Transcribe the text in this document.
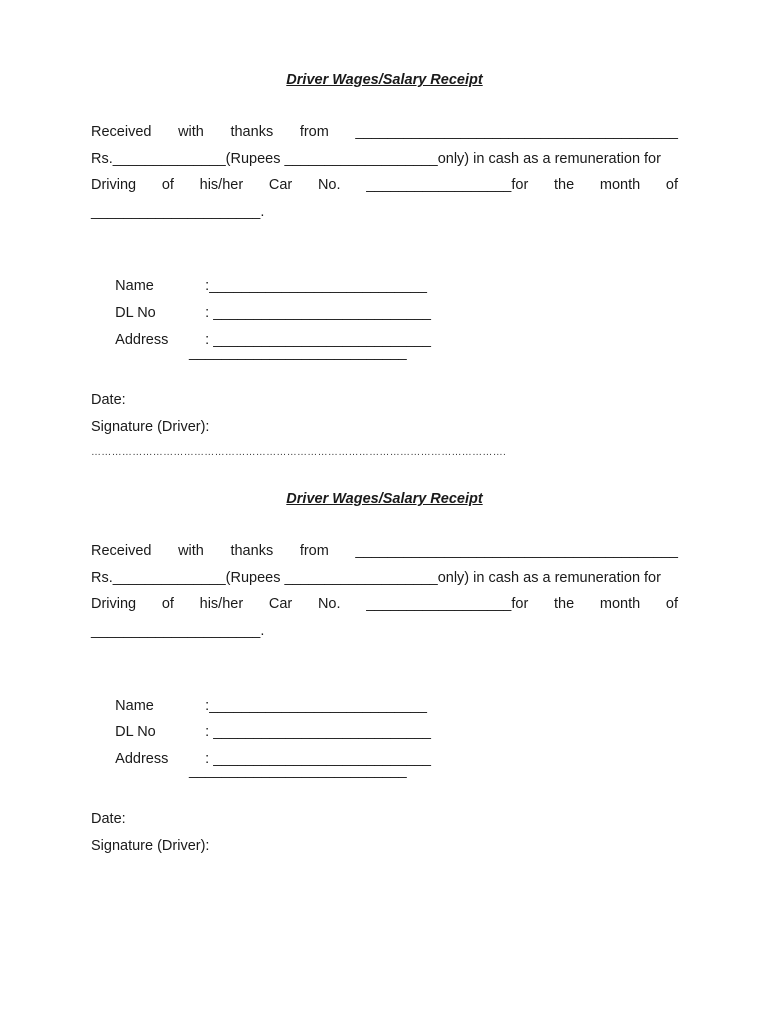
Driver Wages/Salary Receipt
Received with thanks from ________________________________________
Rs.______________(Rupees ___________________only) in cash as a remuneration for
Driving of his/her Car No. __________________for the month of
_____________________.

Name	:___________________________

DL No	: ___________________________

Address	: ___________________________

___________________________
Date:
Signature (Driver):
………………………………………………………………………………………………………….
Driver Wages/Salary Receipt
Received with thanks from ________________________________________
Rs.______________(Rupees ___________________only) in cash as a remuneration for
Driving of his/her Car No. __________________for the month of
_____________________.

Name	:___________________________

DL No	: ___________________________

Address	: ___________________________

___________________________
Date:
Signature (Driver):
